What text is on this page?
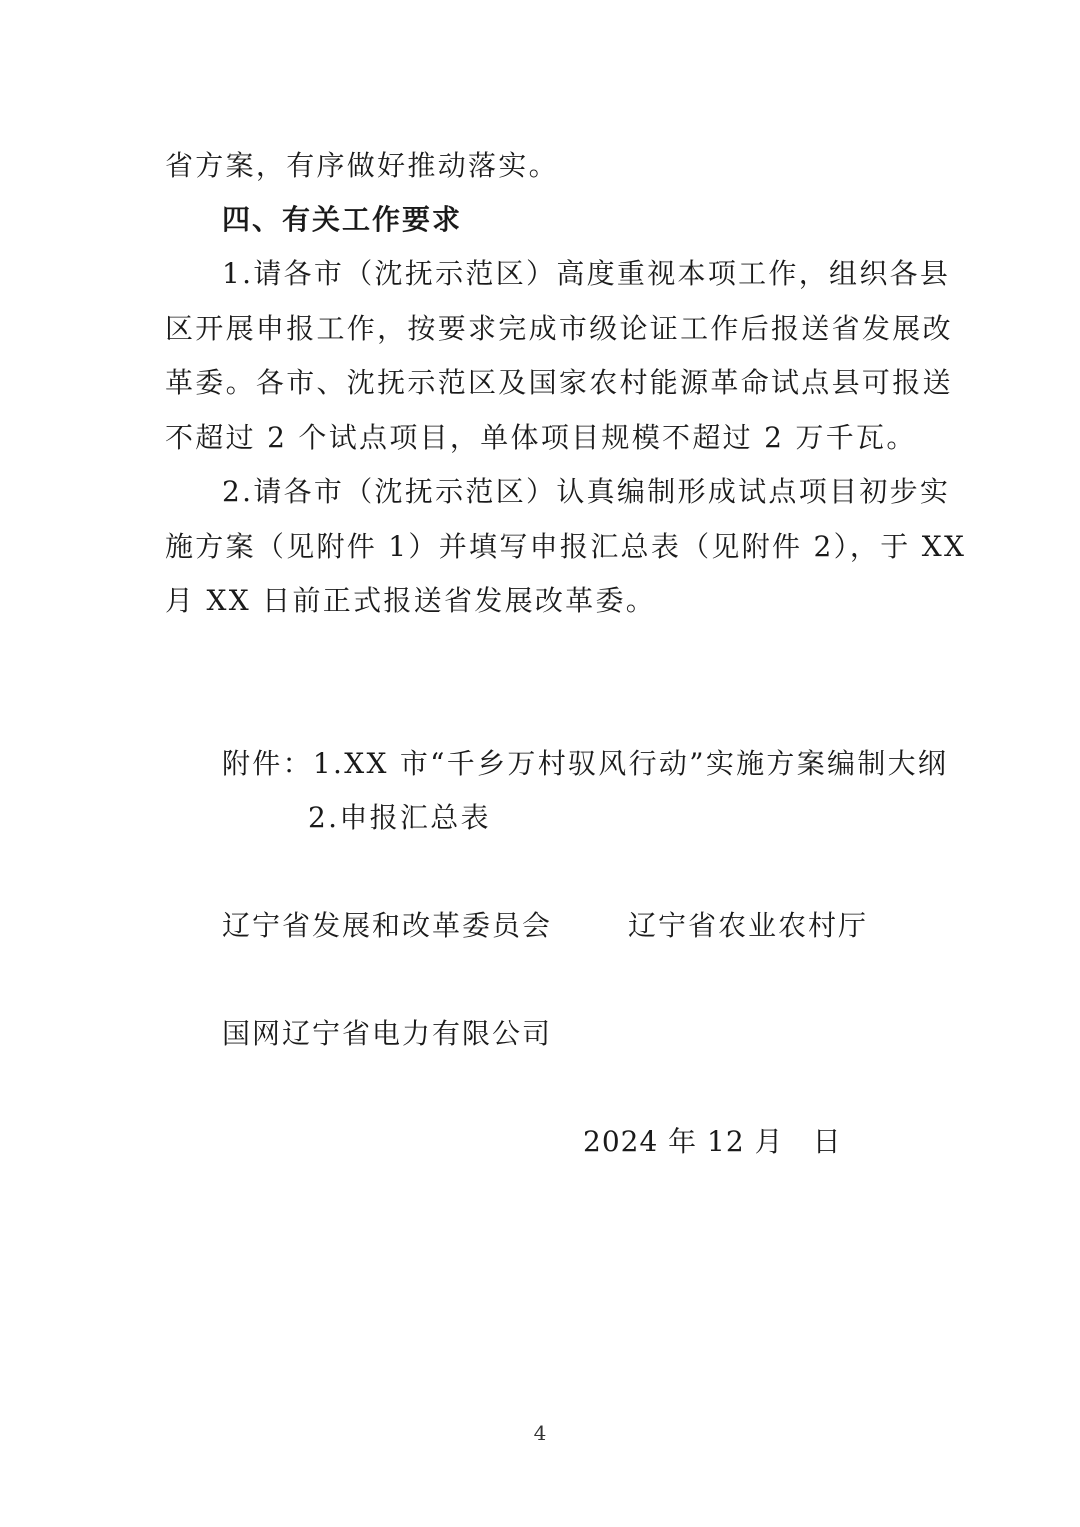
省方案，有序做好推动落实。
四、有关工作要求
1.请各市（沈抚示范区）高度重视本项工作，组织各县
区开展申报工作，按要求完成市级论证工作后报送省发展改
革委。各市、沈抚示范区及国家农村能源革命试点县可报送
不超过 2 个试点项目，单体项目规模不超过 2 万千瓦。
2.请各市（沈抚示范区）认真编制形成试点项目初步实
施方案（见附件 1）并填写申报汇总表（见附件 2），于 XX
月 XX 日前正式报送省发展改革委。
附件：1.XX 市“千乡万村驭风行动”实施方案编制大纲
2.申报汇总表
辽宁省发展和改革委员会	辽宁省农业农村厅
国网辽宁省电力有限公司
2024 年 12 月　日
4
